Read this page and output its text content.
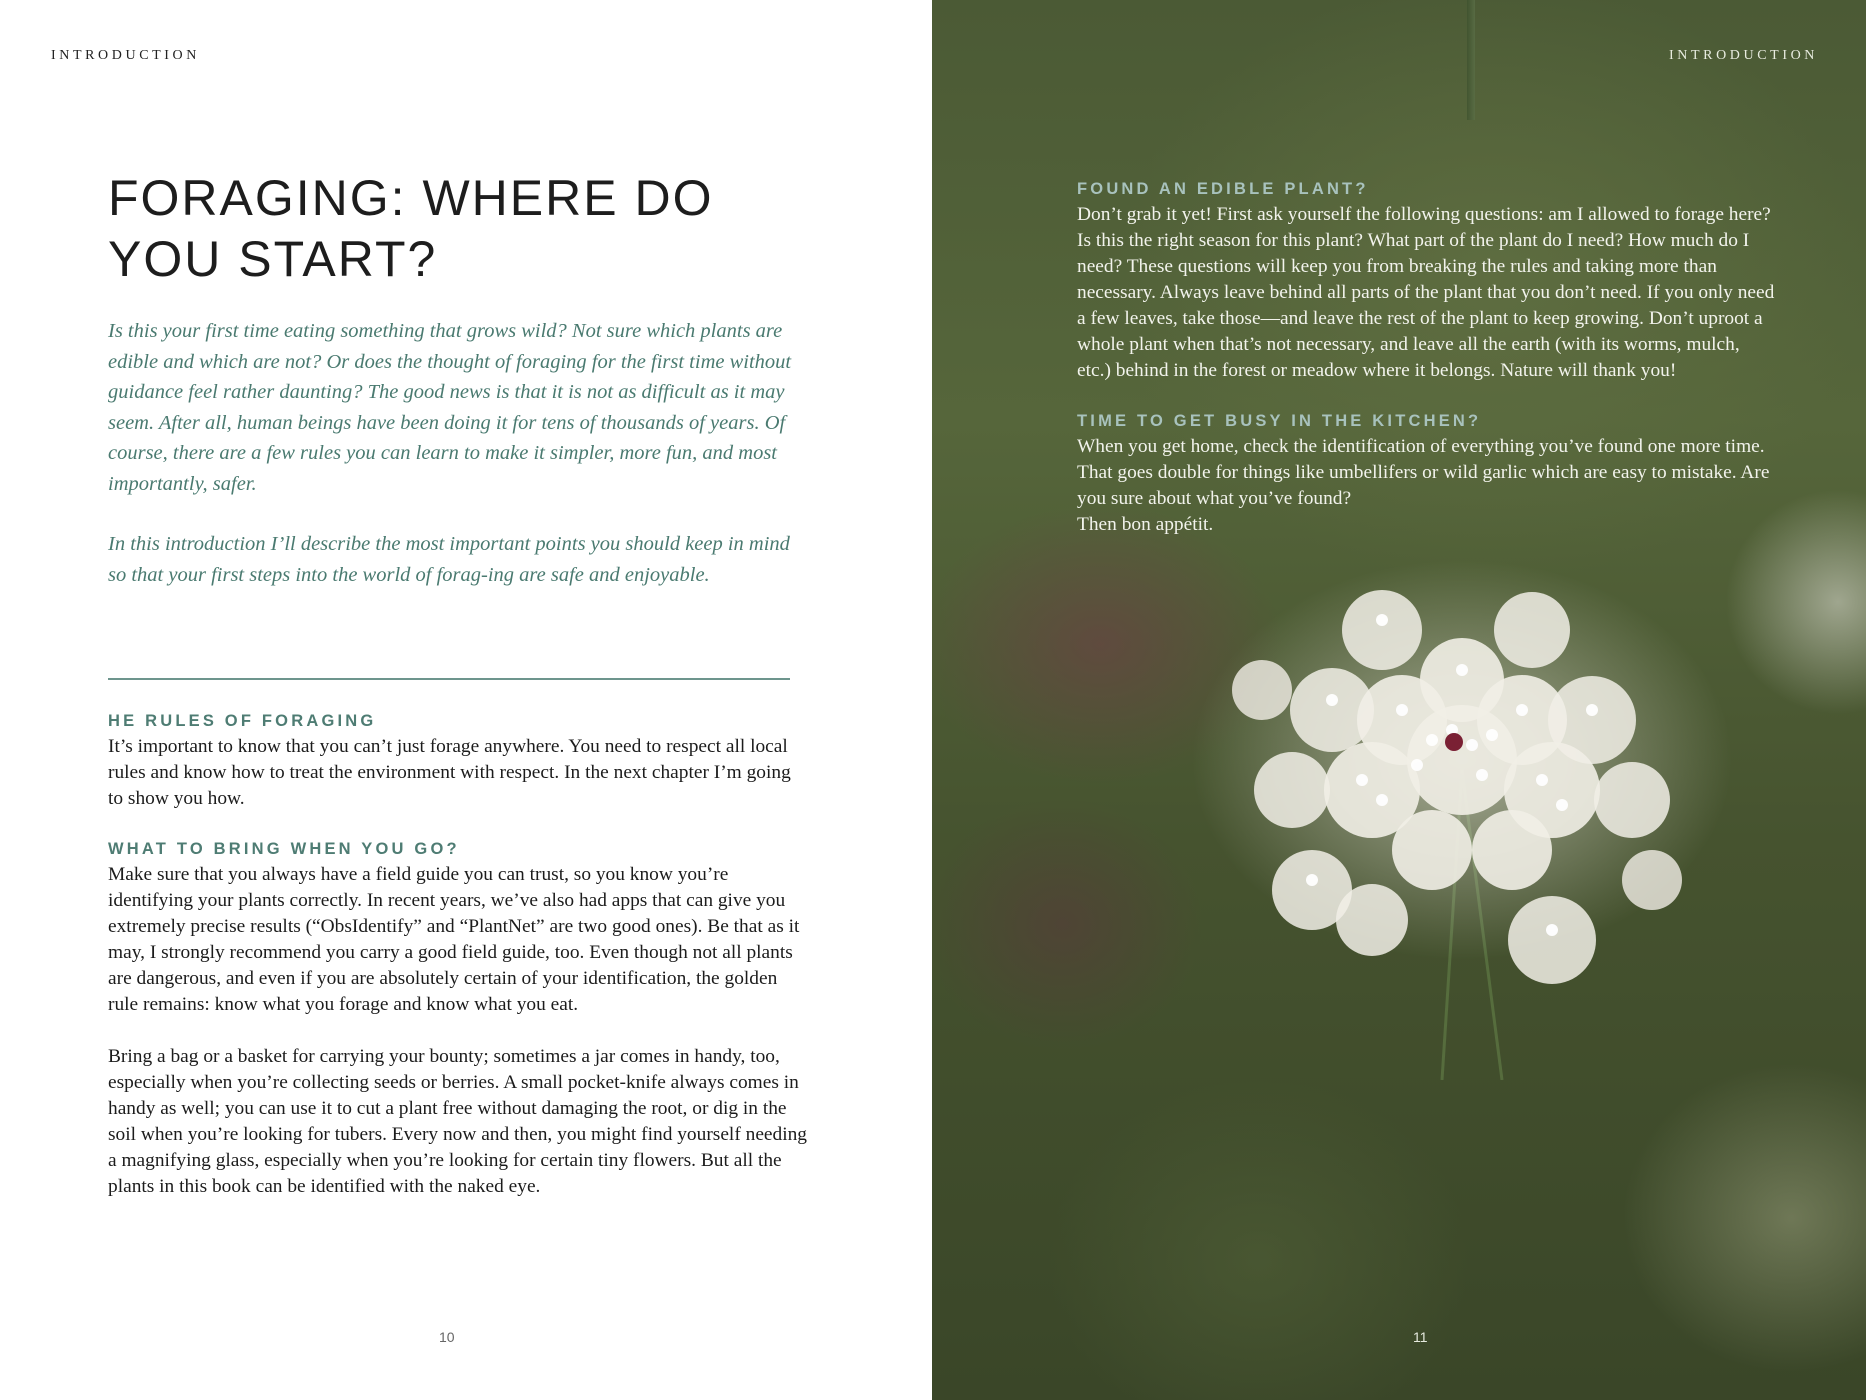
INTRODUCTION
FORAGING: WHERE DO
YOU START?

Is this your first time eating something that grows wild? Not sure which plants are edible and which are not? Or does the thought of foraging for the first time without guidance feel rather daunting? The good news is that it is not as difficult as it may seem. After all, human beings have been doing it for tens of thousands of years. Of course, there are a few rules you can learn to make it simpler, more fun, and most importantly, safer.

In this introduction I’ll describe the most important points you should keep in mind so that your first steps into the world of forag-ing are safe and enjoyable.

HE RULES OF FORAGING

It’s important to know that you can’t just forage anywhere. You need to respect all local rules and know how to treat the environment with respect. In the next chapter I’m going to show you how.

WHAT TO BRING WHEN YOU GO?

Make sure that you always have a field guide you can trust, so you know you’re identifying your plants correctly. In recent years, we’ve also had apps that can give you extremely precise results (“ObsIdentify” and “PlantNet” are two good ones). Be that as it may, I strongly recommend you carry a good field guide, too. Even though not all plants are dangerous, and even if you are absolutely certain of your identification, the golden rule remains: know what you forage and know what you eat.

Bring a bag or a basket for carrying your bounty; sometimes a jar comes in handy, too, especially when you’re collecting seeds or berries. A small pocket-knife always comes in handy as well; you can use it to cut a plant free without damaging the root, or dig in the soil when you’re looking for tubers. Every now and then, you might find yourself needing a magnifying glass, especially when you’re looking for certain tiny flowers. But all the plants in this book can be identified with the naked eye.

10
INTRODUCTION
FOUND AN EDIBLE PLANT?

Don’t grab it yet! First ask yourself the following questions: am I allowed to forage here? Is this the right season for this plant? What part of the plant do I need? How much do I need? These questions will keep you from breaking the rules and taking more than necessary. Always leave behind all parts of the plant that you don’t need. If you only need a few leaves, take those—and leave the rest of the plant to keep growing. Don’t uproot a whole plant when that’s not necessary, and leave all the earth (with its worms, mulch, etc.) behind in the forest or meadow where it belongs. Nature will thank you!

TIME TO GET BUSY IN THE KITCHEN?

When you get home, check the identification of everything you’ve found one more time. That goes double for things like umbellifers or wild garlic which are easy to mistake. Are you sure about what you’ve found?

Then bon appétit.

11
